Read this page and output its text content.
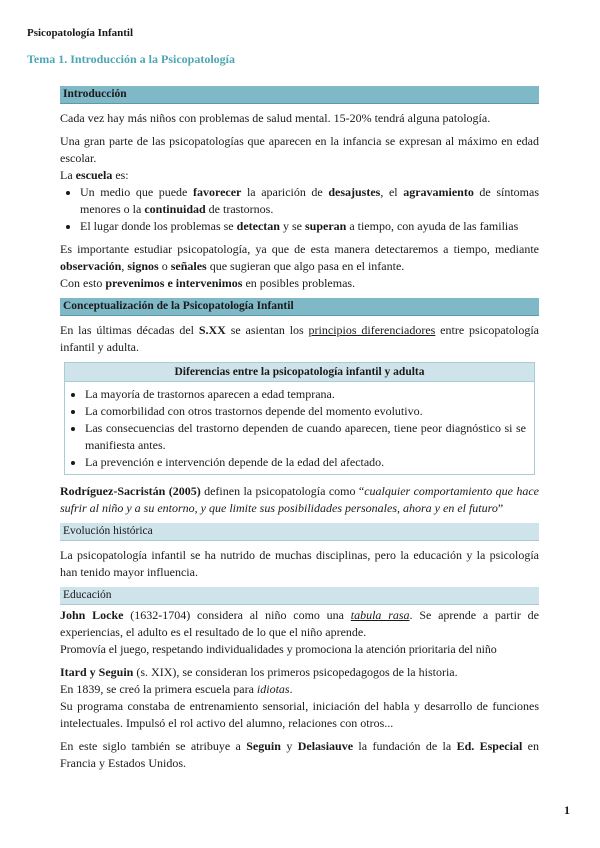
Psicopatología Infantil
Tema 1. Introducción a la Psicopatología
Introducción

Cada vez hay más niños con problemas de salud mental. 15-20% tendrá alguna patología.

Una gran parte de las psicopatologías que aparecen en la infancia se expresan al máximo en edad escolar.

La escuela es:

• Un medio que puede favorecer la aparición de desajustes, el agravamiento de síntomas menores o la continuidad de trastornos.
• El lugar donde los problemas se detectan y se superan a tiempo, con ayuda de las familias

Es importante estudiar psicopatología, ya que de esta manera detectaremos a tiempo, mediante observación, signos o señales que sugieran que algo pasa en el infante.

Con esto prevenimos e intervenimos en posibles problemas.

Conceptualización de la Psicopatología Infantil

En las últimas décadas del S.XX se asientan los principios diferenciadores entre psicopatología infantil y adulta.

Diferencias entre la psicopatología infantil y adulta
• La mayoría de trastornos aparecen a edad temprana.
• La comorbilidad con otros trastornos depende del momento evolutivo.
• Las consecuencias del trastorno dependen de cuando aparecen, tiene peor diagnóstico si se manifiesta antes.
• La prevención e intervención depende de la edad del afectado.

Rodríguez-Sacristán (2005) definen la psicopatología como “cualquier comportamiento que hace sufrir al niño y a su entorno, y que limite sus posibilidades personales, ahora y en el futuro”

Evolución histórica

La psicopatología infantil se ha nutrido de muchas disciplinas, pero la educación y la psicología han tenido mayor influencia.

Educación

John Locke (1632-1704) considera al niño como una tabula rasa. Se aprende a partir de experiencias, el adulto es el resultado de lo que el niño aprende.

Promovía el juego, respetando individualidades y promociona la atención prioritaria del niño

Itard y Seguin (s. XIX), se consideran los primeros psicopedagogos de la historia.

En 1839, se creó la primera escuela para idiotas.

Su programa constaba de entrenamiento sensorial, iniciación del habla y desarrollo de funciones intelectuales. Impulsó el rol activo del alumno, relaciones con otros...

En este siglo también se atribuye a Seguin y Delasiauve la fundación de la Ed. Especial en Francia y Estados Unidos.

1
